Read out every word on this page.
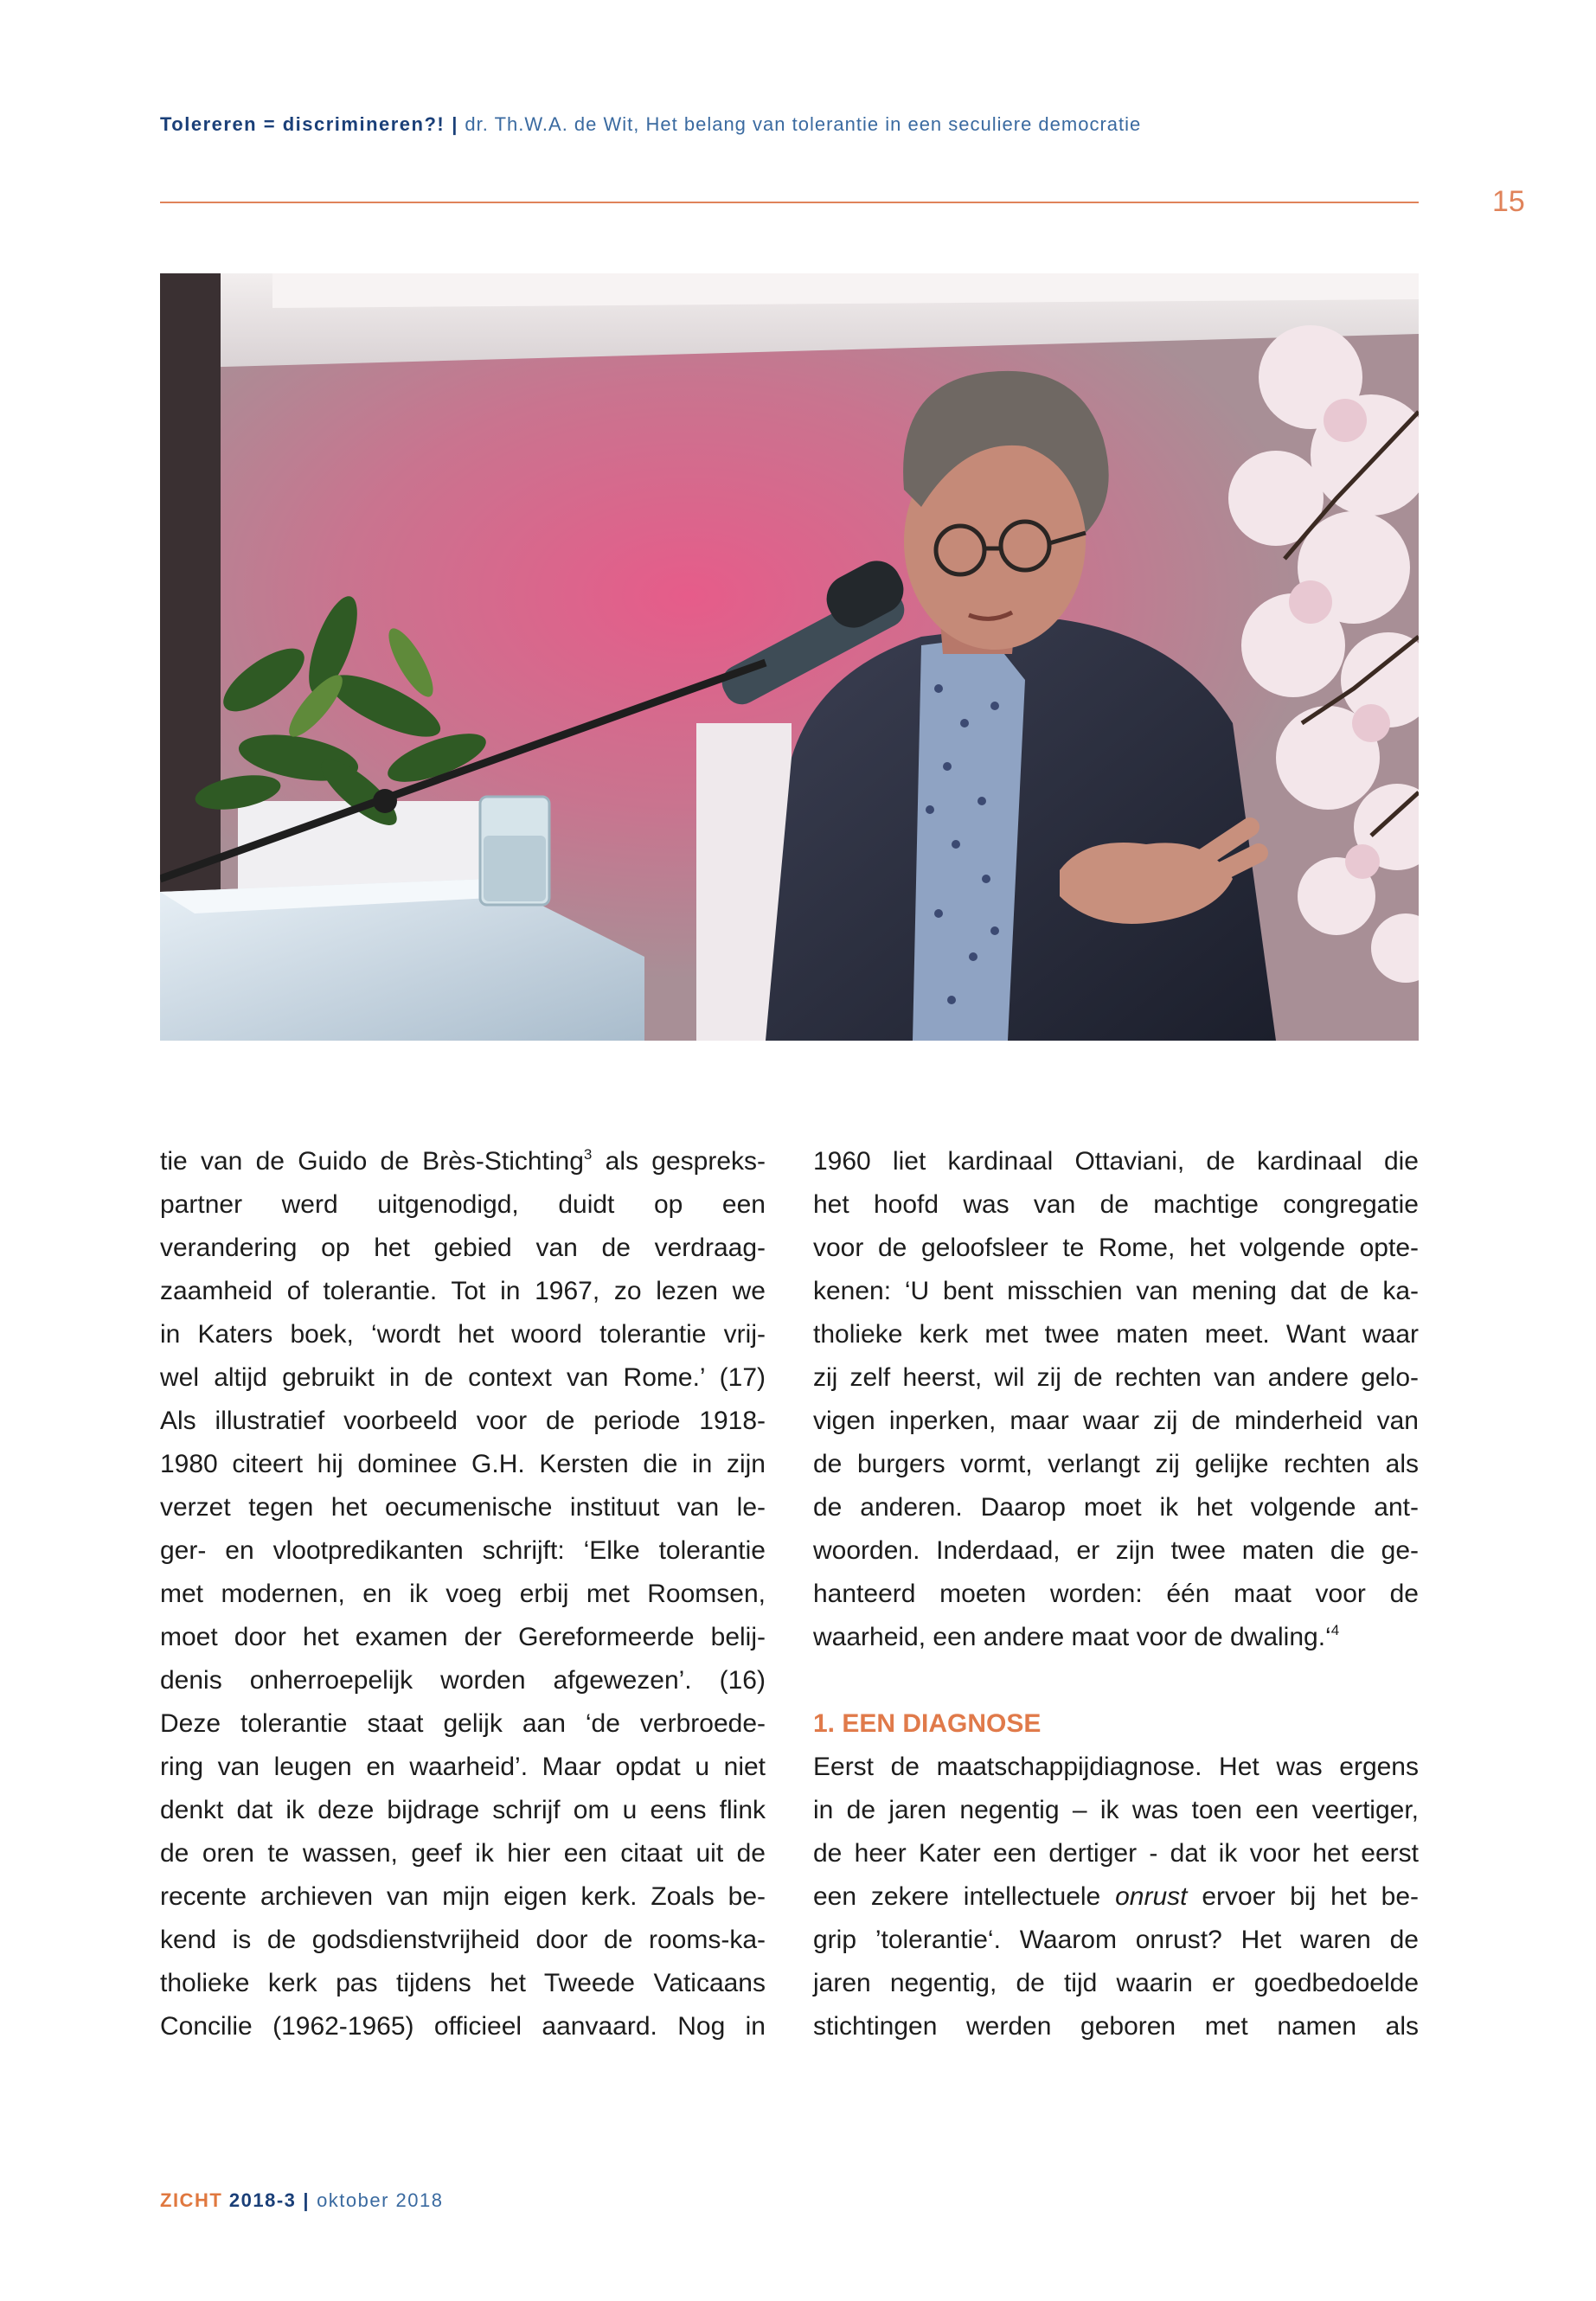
Tolereren = discrimineren?! | dr. Th.W.A. de Wit, Het belang van tolerantie in een seculiere democratie
15
tie van de Guido de Brès-Stichting$^3$ als gespreks-
partner werd uitgenodigd, duidt op een
verandering op het gebied van de verdraag-
zaamheid of tolerantie. Tot in 1967, zo lezen we
in Katers boek, ‘wordt het woord tolerantie vrij-
wel altijd gebruikt in de context van Rome.’ (17)
Als illustratief voorbeeld voor de periode 1918-
1980 citeert hij dominee G.H. Kersten die in zijn
verzet tegen het oecumenische instituut van le-
ger- en vlootpredikanten schrijft: ‘Elke tolerantie
met modernen, en ik voeg erbij met Roomsen,
moet door het examen der Gereformeerde belij-
denis onherroepelijk worden afgewezen’. (16)
Deze tolerantie staat gelijk aan ‘de verbroede-
ring van leugen en waarheid’. Maar opdat u niet
denkt dat ik deze bijdrage schrijf om u eens flink
de oren te wassen, geef ik hier een citaat uit de
recente archieven van mijn eigen kerk. Zoals be-
kend is de godsdienstvrijheid door de rooms-ka-
tholieke kerk pas tijdens het Tweede Vaticaans
Concilie (1962-1965) officieel aanvaard. Nog in
1960 liet kardinaal Ottaviani, de kardinaal die
het hoofd was van de machtige congregatie
voor de geloofsleer te Rome, het volgende opte-
kenen: ‘U bent misschien van mening dat de ka-
tholieke kerk met twee maten meet. Want waar
zij zelf heerst, wil zij de rechten van andere gelo-
vigen inperken, maar waar zij de minderheid van
de burgers vormt, verlangt zij gelijke rechten als
de anderen. Daarop moet ik het volgende ant-
woorden. Inderdaad, er zijn twee maten die ge-
hanteerd moeten worden: één maat voor de
waarheid, een andere maat voor de dwaling.‘$^4$
1. EEN DIAGNOSE
Eerst de maatschappijdiagnose. Het was ergens
in de jaren negentig – ik was toen een veertiger,
de heer Kater een dertiger - dat ik voor het eerst
een zekere intellectuele onrust ervoer bij het be-
grip ’tolerantie‘. Waarom onrust? Het waren de
jaren negentig, de tijd waarin er goedbedoelde
stichtingen werden geboren met namen als
ZICHT 2018-3 | oktober 2018
